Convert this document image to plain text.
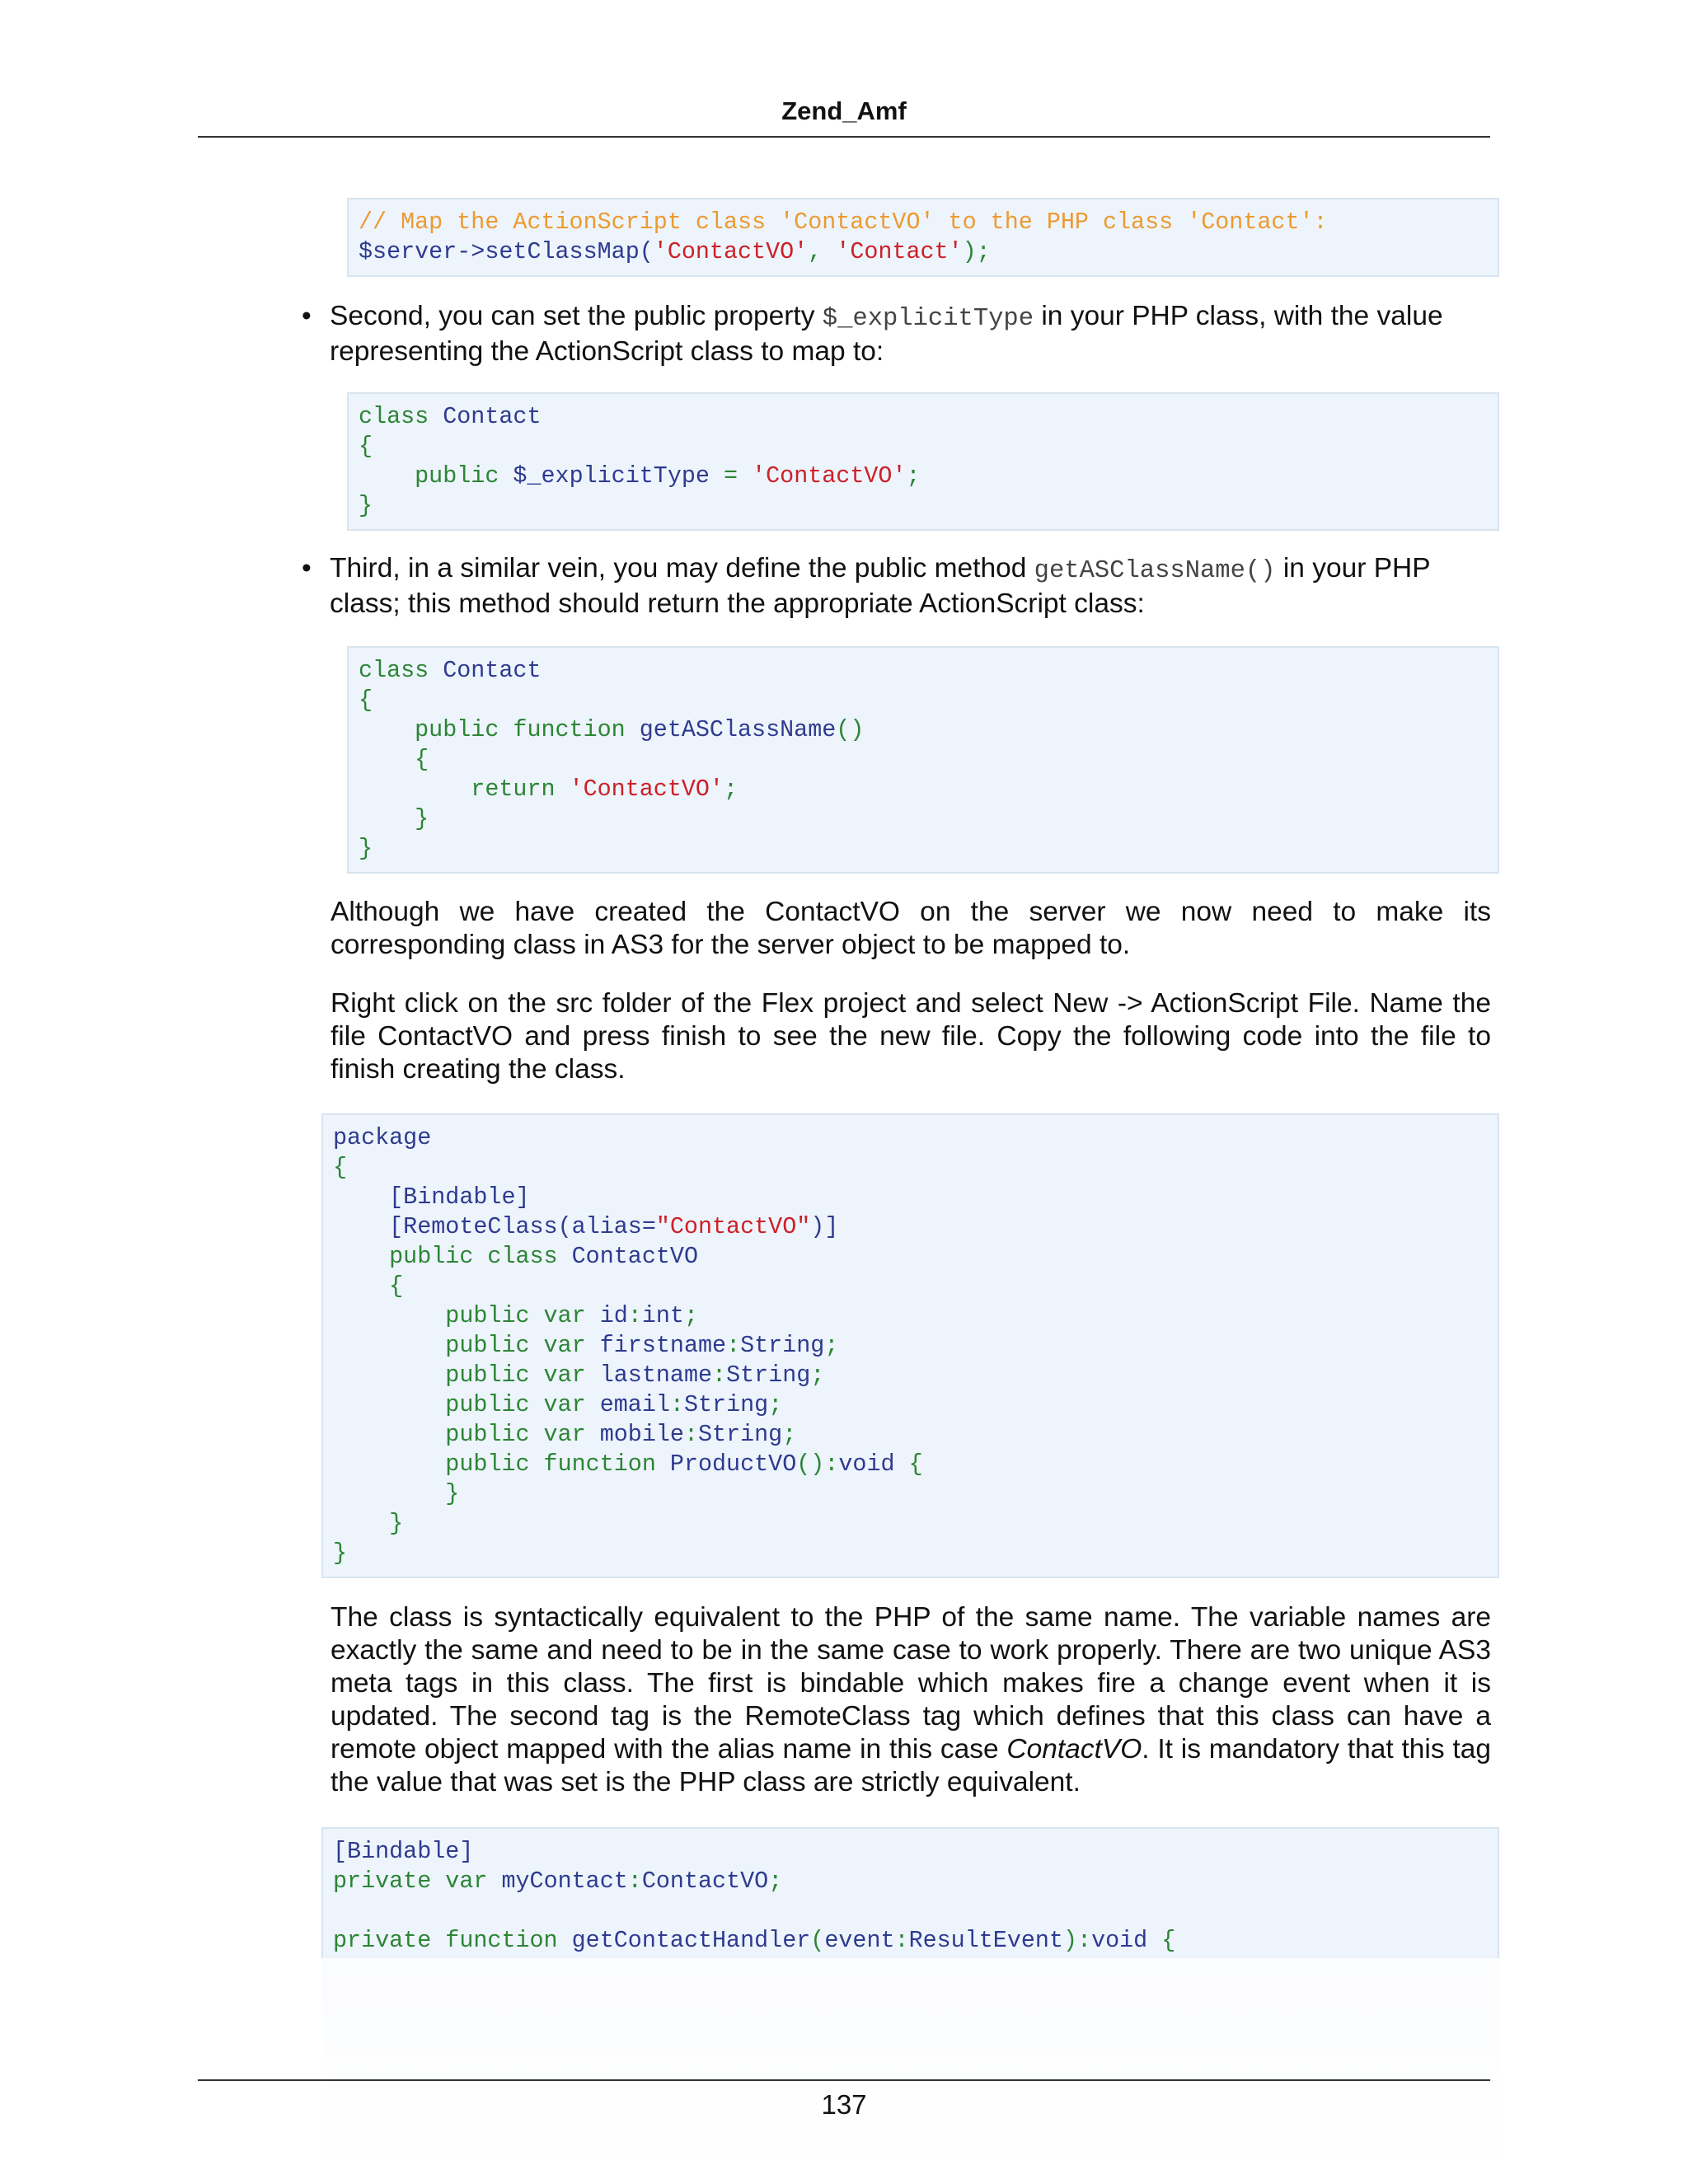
Zend_Amf
// Map the ActionScript class 'ContactVO' to the PHP class 'Contact':
$server->setClassMap('ContactVO', 'Contact');
• Second, you can set the public property $_explicitType in your PHP class, with the value representing the ActionScript class to map to:
class Contact
{
public $_explicitType = 'ContactVO';
}
• Third, in a similar vein, you may define the public method getASClassName() in your PHP class; this method should return the appropriate ActionScript class:
class Contact
{
public function getASClassName()
{
return 'ContactVO';
}
}
Although we have created the ContactVO on the server we now need to make its corresponding class in AS3 for the server object to be mapped to.
Right click on the src folder of the Flex project and select New -> ActionScript File. Name the file ContactVO and press finish to see the new file. Copy the following code into the file to finish creating the class.
package
{
[Bindable]
[RemoteClass(alias="ContactVO")]
public class ContactVO
{
public var id:int;
public var firstname:String;
public var lastname:String;
public var email:String;
public var mobile:String;
public function ProductVO():void {
}
}
}
The class is syntactically equivalent to the PHP of the same name. The variable names are exactly the same and need to be in the same case to work properly. There are two unique AS3 meta tags in this class. The first is bindable which makes fire a change event when it is updated. The second tag is the RemoteClass tag which defines that this class can have a remote object mapped with the alias name in this case ContactVO. It is mandatory that this tag the value that was set is the PHP class are strictly equivalent.
[Bindable]
private var myContact:ContactVO;

private function getContactHandler(event:ResultEvent):void {
137
